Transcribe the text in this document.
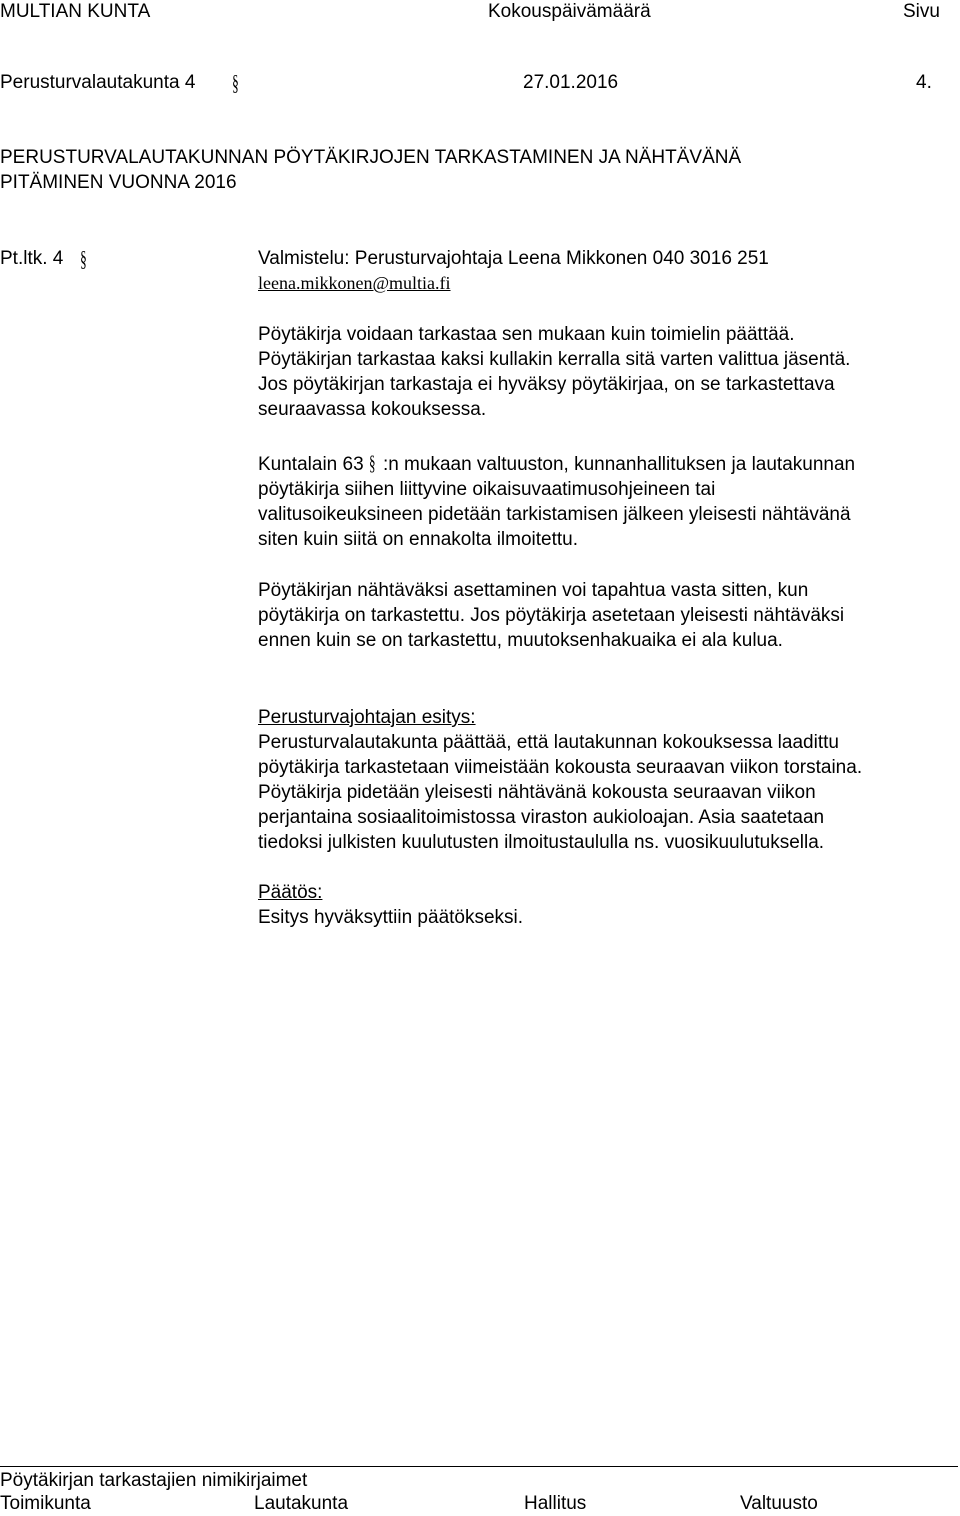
MULTIAN KUNTA	Kokouspäivämäärä	Sivu
Perusturvalautakunta 4 §	27.01.2016	4.
PERUSTURVALAUTAKUNNAN PÖYTÄKIRJOJEN TARKASTAMINEN JA NÄHTÄVÄNÄ
PITÄMINEN VUONNA 2016
Pt.ltk. 4 §	Valmistelu: Perusturvajohtaja Leena Mikkonen 040 3016 251
leena.mikkonen@multia.fi

Pöytäkirja voidaan tarkastaa sen mukaan kuin toimielin päättää.

Pöytäkirjan tarkastaa kaksi kullakin kerralla sitä varten valittua jäsentä.

Jos pöytäkirjan tarkastaja ei hyväksy pöytäkirjaa, on se tarkastettava

seuraavassa kokouksessa.

Kuntalain 63 § :n mukaan valtuuston, kunnanhallituksen ja lautakunnan

pöytäkirja siihen liittyvine oikaisuvaatimusohjeineen tai

valitusoikeuksineen pidetään tarkistamisen jälkeen yleisesti nähtävänä

siten kuin siitä on ennakolta ilmoitettu.

Pöytäkirjan nähtäväksi asettaminen voi tapahtua vasta sitten, kun

pöytäkirja on tarkastettu. Jos pöytäkirja asetetaan yleisesti nähtäväksi

ennen kuin se on tarkastettu, muutoksenhakuaika ei ala kulua.

Perusturvajohtajan esitys:

Perusturvalautakunta päättää, että lautakunnan kokouksessa laadittu

pöytäkirja tarkastetaan viimeistään kokousta seuraavan viikon torstaina.

Pöytäkirja pidetään yleisesti nähtävänä kokousta seuraavan viikon

perjantaina sosiaalitoimistossa viraston aukioloajan. Asia saatetaan

tiedoksi julkisten kuulutusten ilmoitustaululla ns. vuosikuulutuksella.

Päätös:

Esitys hyväksyttiin päätökseksi.

Pöytäkirjan tarkastajien nimikirjaimet
Toimikunta	Lautakunta	Hallitus	Valtuusto
